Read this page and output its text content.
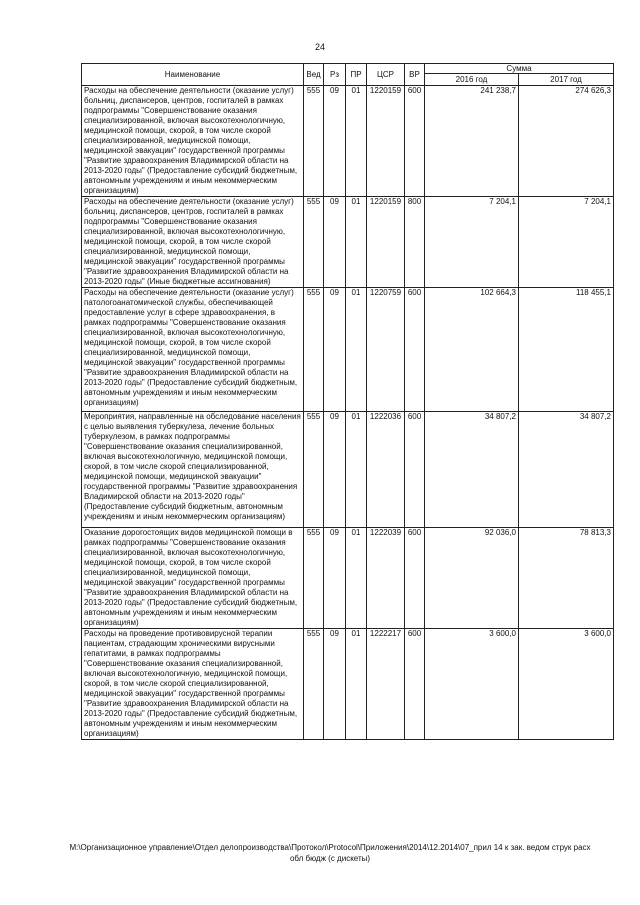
24
Наименование	Вед	Рз	ПР	ЦСР	ВР	Сумма	
						2016 год	2017 год
Расходы на обеспечение деятельности (оказание услуг) больниц, диспансеров, центров, госпиталей в рамках подпрограммы "Совершенствование оказания специализированной, включая высокотехнологичную, медицинской помощи, скорой, в том числе скорой специализированной, медицинской помощи, медицинской эвакуации" государственной программы "Развитие здравоохранения Владимирской области на 2013-2020 годы" (Предоставление субсидий бюджетным, автономным учреждениям и иным некоммерческим организациям)	555	09	01	1220159	600	241 238,7	274 626,3
Расходы на обеспечение деятельности (оказание услуг) больниц, диспансеров, центров, госпиталей в рамках подпрограммы "Совершенствование оказания специализированной, включая высокотехнологичную, медицинской помощи, скорой, в том числе скорой специализированной, медицинской помощи, медицинской эвакуации" государственной программы "Развитие здравоохранения Владимирской области на 2013-2020 годы" (Иные бюджетные ассигнования)	555	09	01	1220159	800	7 204,1	7 204,1
Расходы на обеспечение деятельности (оказание услуг) патологоанатомической службы, обеспечивающей предоставление услуг в сфере здравоохранения, в рамках подпрограммы "Совершенствование оказания специализированной, включая высокотехнологичную, медицинской помощи, скорой, в том числе скорой специализированной, медицинской помощи, медицинской эвакуации" государственной программы "Развитие здравоохранения Владимирской области на 2013-2020 годы" (Предоставление субсидий бюджетным, автономным учреждениям и иным некоммерческим организациям)	555	09	01	1220759	600	102 664,3	118 455,1
Мероприятия, направленные на обследование населения с целью выявления туберкулеза, лечение больных туберкулезом, в рамках подпрограммы "Совершенствование оказания специализированной, включая высокотехнологичную, медицинской помощи, скорой, в том числе скорой специализированной, медицинской помощи, медицинской эвакуации" государственной программы "Развитие здравоохранения Владимирской области на 2013-2020 годы" (Предоставление субсидий бюджетным, автономным учреждениям и иным некоммерческим организациям)	555	09	01	1222036	600	34 807,2	34 807,2
Оказание дорогостоящих видов медицинской помощи в рамках подпрограммы "Совершенствование оказания специализированной, включая высокотехнологичную, медицинской помощи, скорой, в том числе скорой специализированной, медицинской помощи, медицинской эвакуации" государственной программы "Развитие здравоохранения Владимирской области на 2013-2020 годы" (Предоставление субсидий бюджетным, автономным учреждениям и иным некоммерческим организациям)	555	09	01	1222039	600	92 036,0	78 813,3
Расходы на проведение противовирусной терапии пациентам, страдающим хроническими вирусными гепатитами, в рамках подпрограммы "Совершенствование оказания специализированной, включая высокотехнологичную, медицинской помощи, скорой, в том числе скорой специализированной, медицинской эвакуации" государственной программы "Развитие здравоохранения Владимирской области на 2013-2020 годы" (Предоставление субсидий бюджетным, автономным учреждениям и иным некоммерческим организациям)	555	09	01	1222217	600	3 600,0	3 600,0
M:\Организационное управление\Отдел делопроизводства\Протокол\Protocol\Приложения\2014\12.2014\07_прил 14 к зак. ведом струк расх
обл бюдж (с дискеты)
